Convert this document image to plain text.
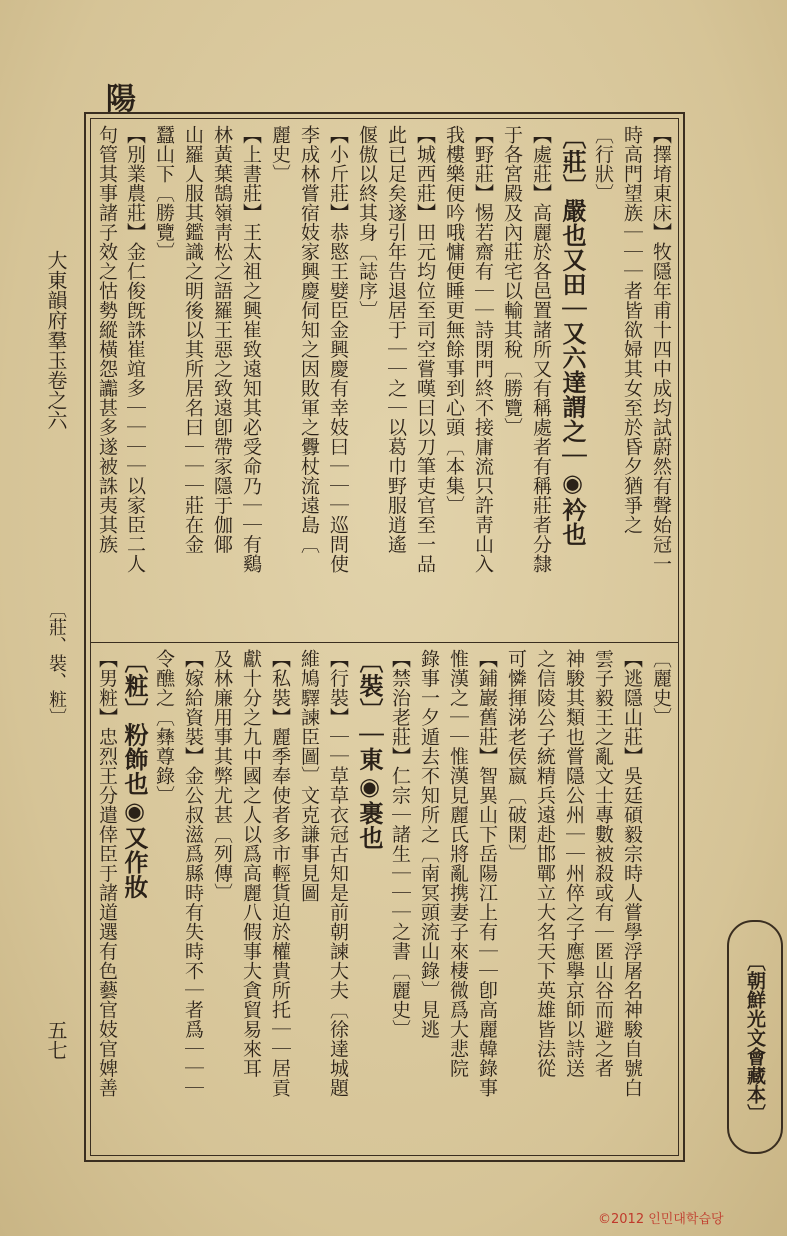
陽
【擇堉東床】牧隱年甫十四中成均試蔚然有聲始冠一
時高門望族｜｜｜者皆欲婦其女至於昏夕猶爭之
〔行狀〕
〔莊〕嚴也又田｜又六達謂之｜◉衿也
【處莊】高麗於各邑置諸所又有稱處者有稱莊者分隸
于各宮殿及內莊宅以輸其稅〔勝覽〕
【野莊】惕若齋有｜｜詩閉門終不接庸流只許靑山入
我樓樂便吟哦慵便睡更無餘事到心頭〔本集〕
【城西莊】田元均位至司空嘗嘆曰以刀筆吏官至一品
此已足矣遂引年告退居于｜｜之｜以葛巾野服逍遙
偃傲以終其身〔誌序〕
【小斤莊】恭愍王嬖臣金興慶有幸妓曰｜｜｜巡問使
李成林嘗宿妓家興慶伺知之因敗軍之釁杖流遠島〔
麗史〕
【上書莊】王太祖之興崔致遠知其必受命乃｜｜有鷄
林黃葉鵠嶺靑松之語羅王惡之致遠卽帶家隱于伽倻
山羅人服其鑑識之明後以其所居名曰｜｜｜莊在金
蠶山下〔勝覽〕
【別業農莊】金仁俊旣誅崔竩多｜｜｜｜以家臣二人
句管其事諸子效之怙勢縱橫怨讟甚多遂被誅夷其族
〔麗史〕
【逃隱山莊】吳廷碩毅宗時人嘗學浮屠名神駿自號白
雲子毅王之亂文士專數被殺或有｜匿山谷而避之者
神駿其類也嘗隱公州｜｜州倅之子應擧京師以詩送
之信陵公子統精兵遠赴邯鄲立大名天下英雄皆法從
可憐揮涕老侯嬴〔破閑〕
【鋪巖舊莊】智異山下岳陽江上有｜｜卽高麗韓錄事
惟漢之｜｜惟漢見麗氏將亂携妻子來棲微爲大悲院
錄事一夕遁去不知所之〔南冥頭流山錄〕見逃
【禁治老莊】仁宗｜諸生｜｜｜之書〔麗史〕
〔裝〕｜東◉裹也
【行裝】｜｜草草衣冠古知是前朝諫大夫〔徐達城題
維鳩驛諫臣圖〕文克謙事見圖
【私裝】麗季奉使者多市輕貨迫於權貴所托｜｜居貢
獻十分之九中國之人以爲高麗八假事大貪貿易來耳
及林廉用事其弊尤甚〔列傳〕
【嫁給資裝】金公叔滋爲縣時有失時不｜者爲｜｜｜
令醮之〔彝尊錄〕
〔粧〕粉飾也◉又作妝
【男粧】忠烈王分遣倖臣于諸道選有色藝官妓官婢善
大東韻府羣玉卷之六
〔莊、裝、粧〕
五七	〔朝鮮光文會藏本〕
©2012 인민대학습당
